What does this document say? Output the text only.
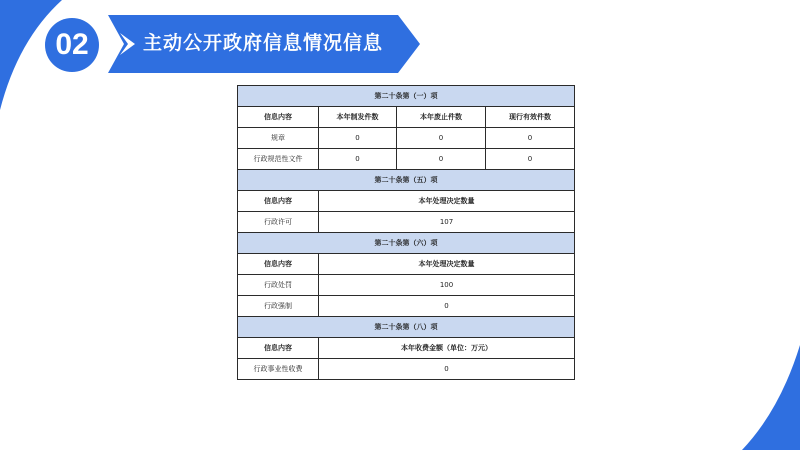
02	主动公开政府信息情况信息
第二十条第（一）项			
信息内容	本年制发件数	本年废止件数	现行有效件数
规章	0	0	0
行政规范性文件	0	0	0
第二十条第（五）项			
信息内容	本年处理决定数量		
行政许可	107		
第二十条第（六）项			
信息内容	本年处理决定数量		
行政处罚	100		
行政强制	0		
第二十条第（八）项			
信息内容	本年收费金额（单位：万元）		
行政事业性收费	0		
